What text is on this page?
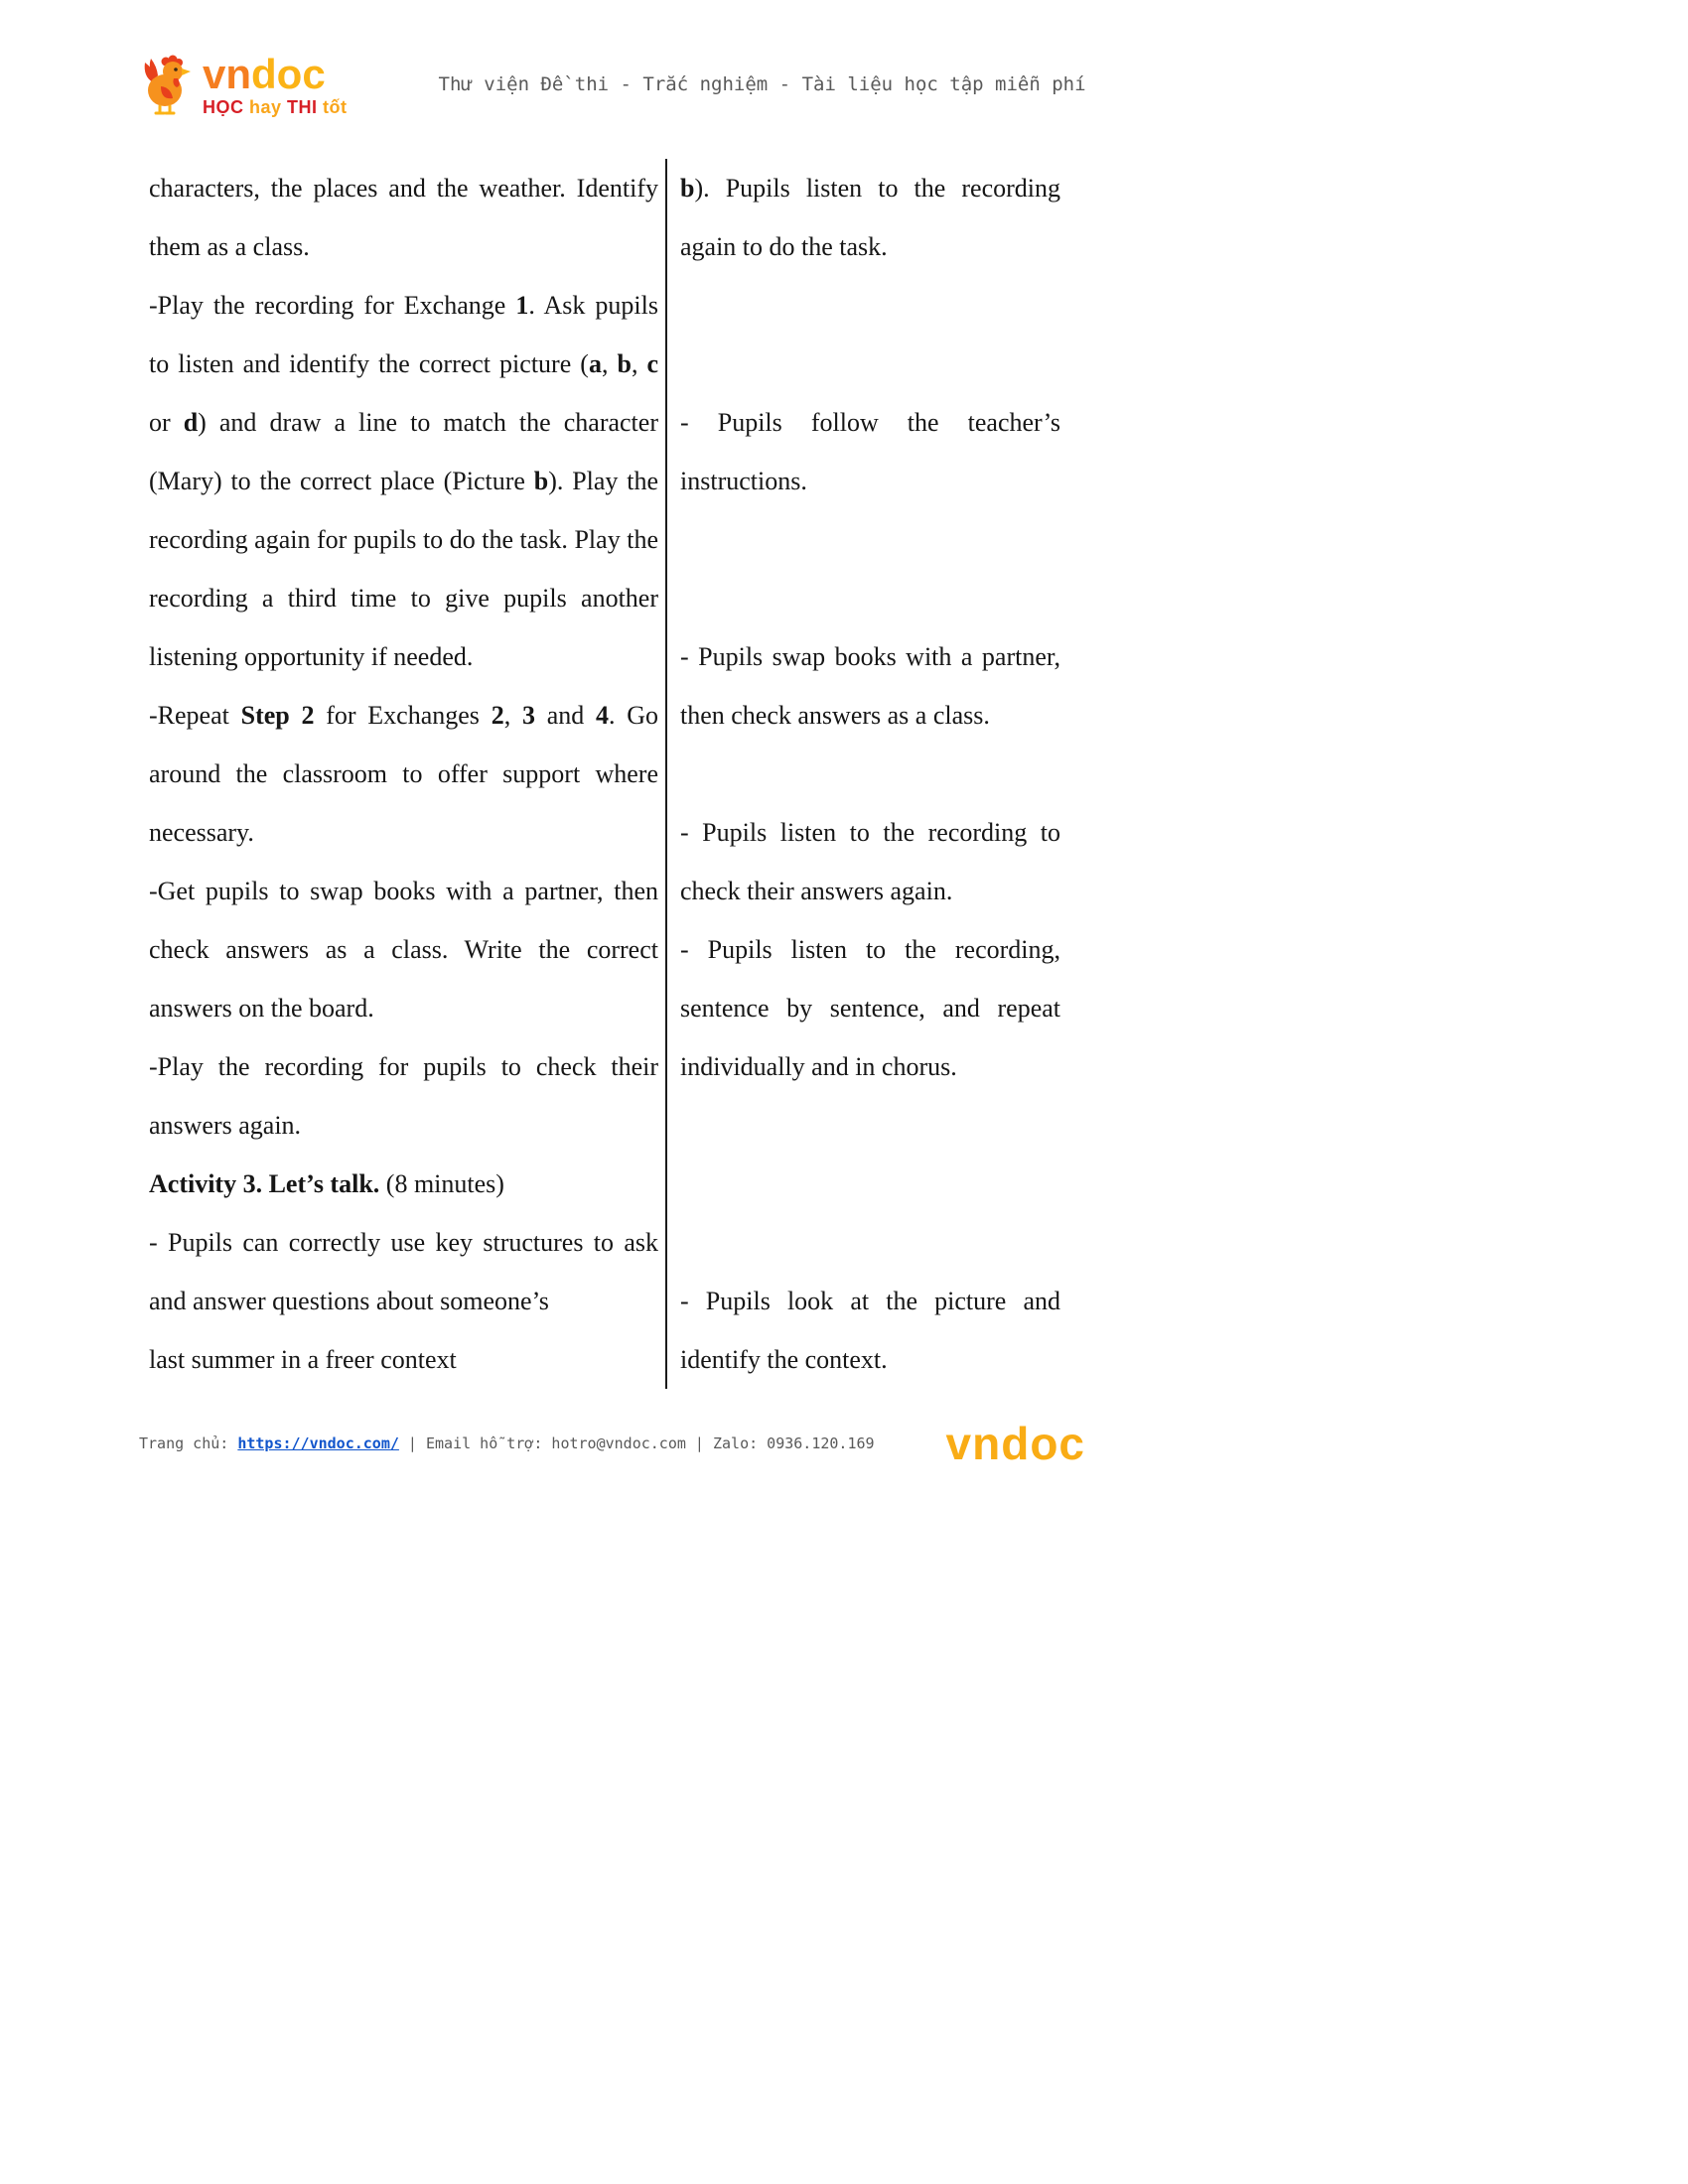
vndoc
HỌC hay THI tốt
Thư viện Đề thi - Trắc nghiệm - Tài liệu học tập miễn phí
characters, the places and the weather. Identify
them as a class.
-Play the recording for Exchange 1. Ask pupils
to listen and identify the correct picture (a, b, c
or d) and draw a line to match the character
(Mary) to the correct place (Picture b). Play the
recording again for pupils to do the task. Play the
recording a third time to give pupils another
listening opportunity if needed.
-Repeat Step 2 for Exchanges 2, 3 and 4. Go
around the classroom to offer support where
necessary.
-Get pupils to swap books with a partner, then
check answers as a class. Write the correct
answers on the board.
-Play the recording for pupils to check their
answers again.
Activity 3. Let’s talk. (8 minutes)
- Pupils can correctly use key structures to ask
and answer questions about someone’s
last summer in a freer context
b). Pupils listen to the recording
again to do the task.

- Pupils follow the teacher’s
instructions.

- Pupils swap books with a partner,
then check answers as a class.

- Pupils listen to the recording to
check their answers again.
- Pupils listen to the recording,
sentence by sentence, and repeat
individually and in chorus.

- Pupils look at the picture and
identify the context.
Trang chủ: https://vndoc.com/ | Email hỗ trợ: hotro@vndoc.com | Zalo: 0936.120.169 vndoc
